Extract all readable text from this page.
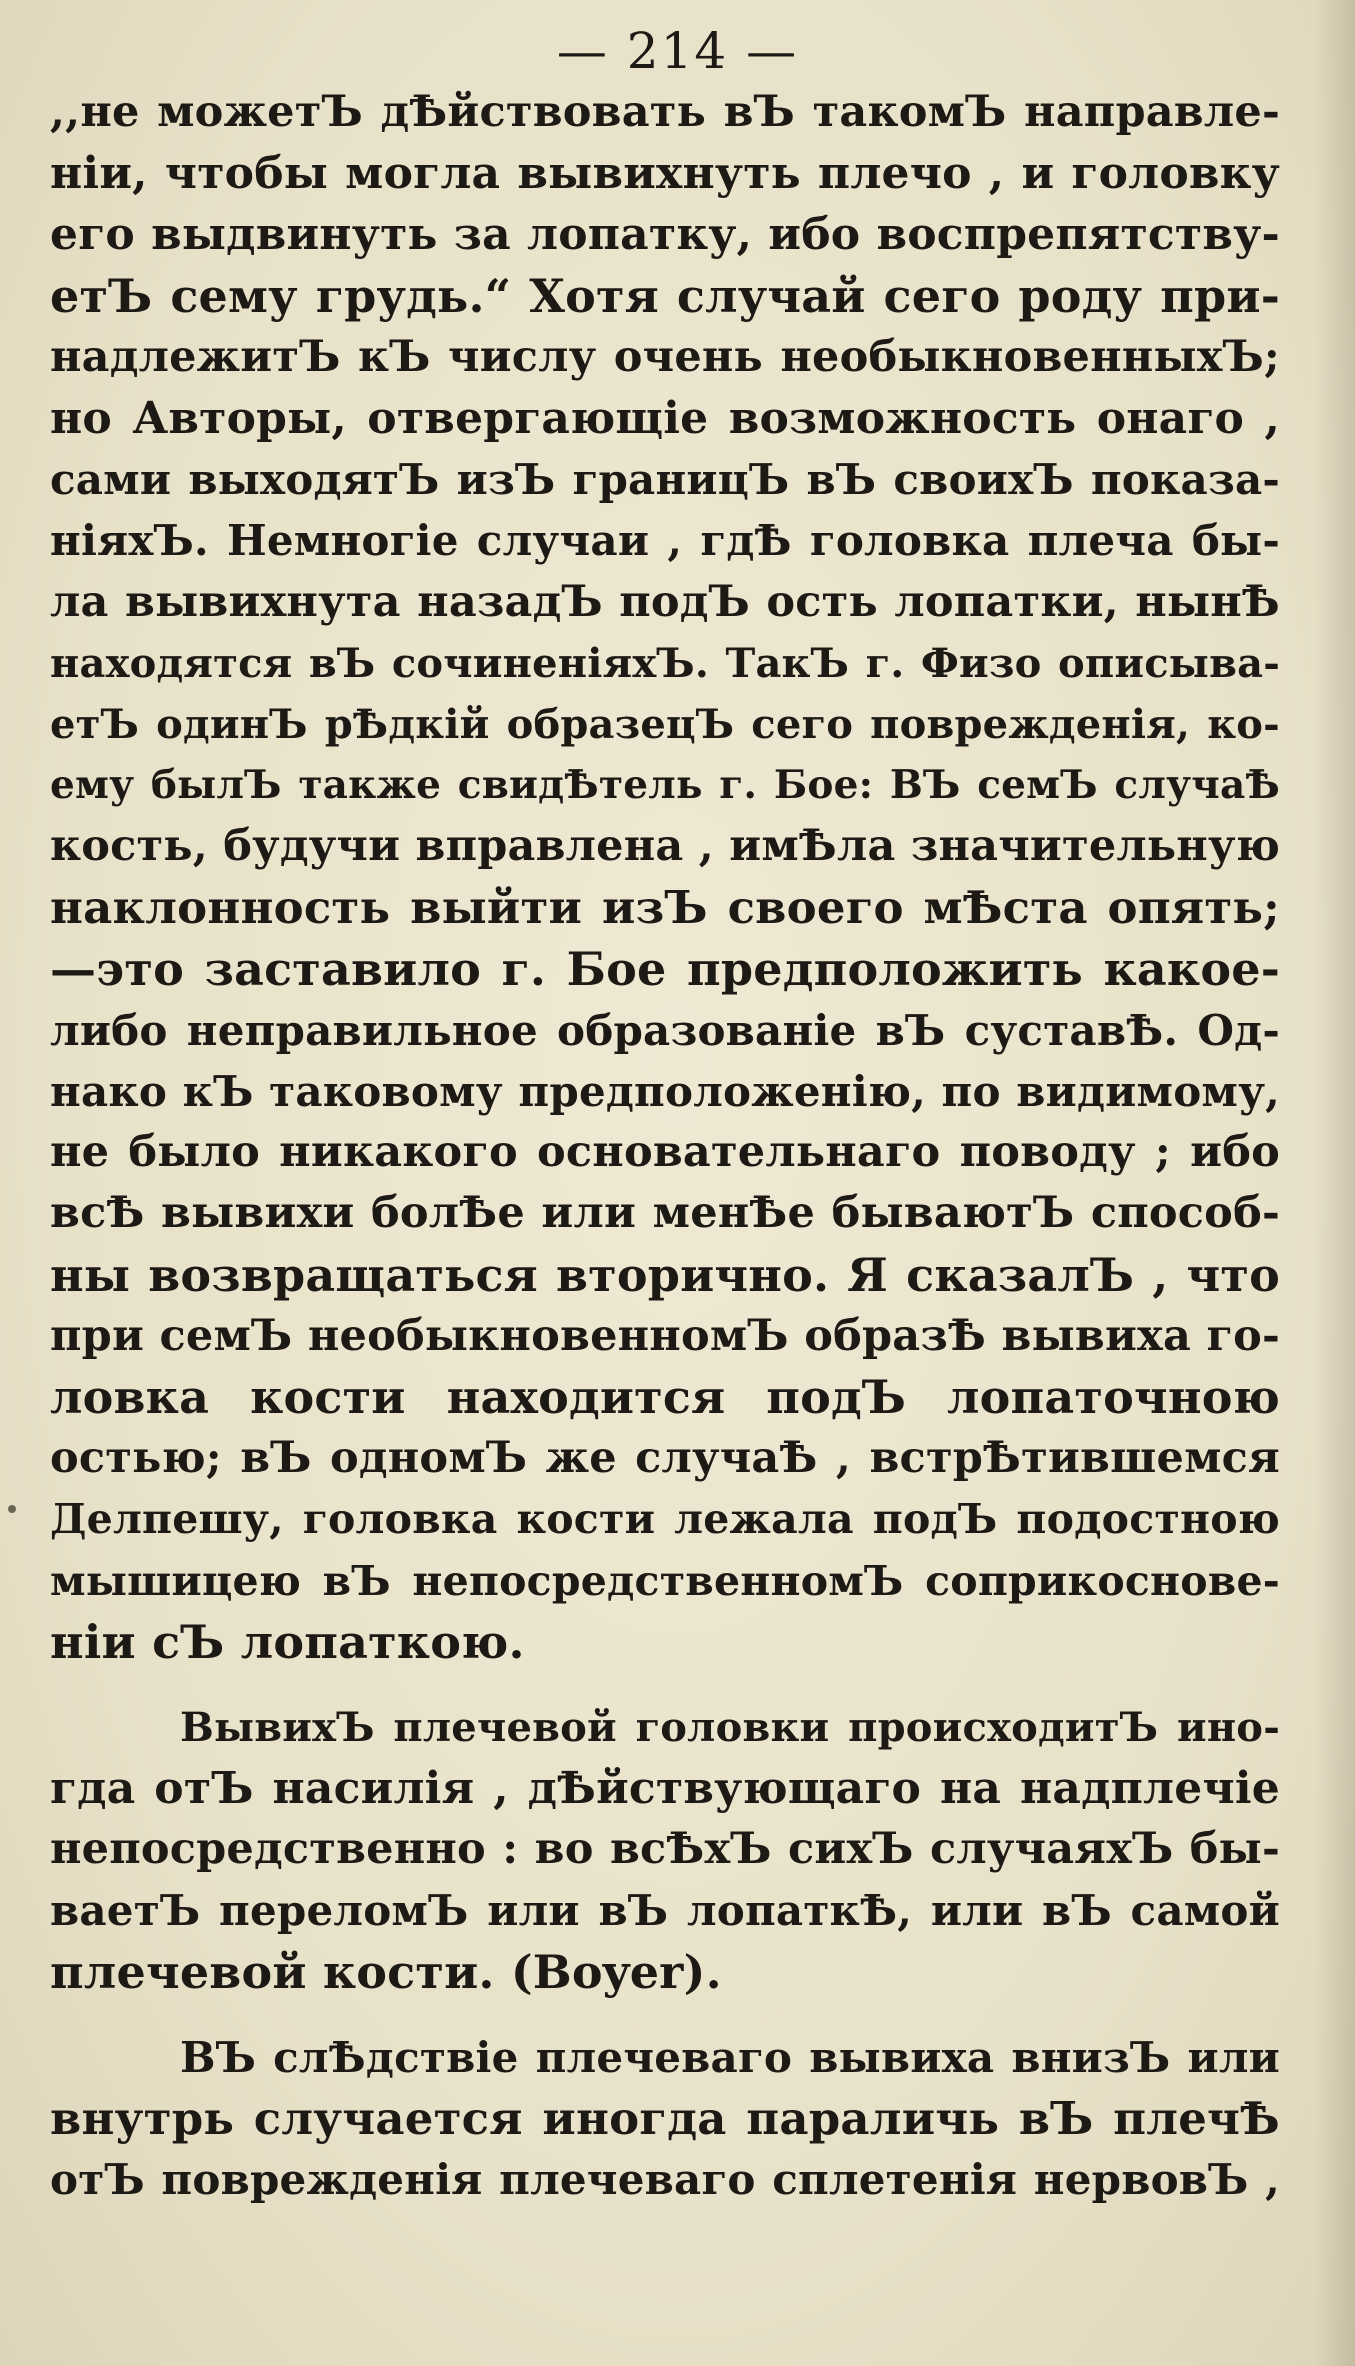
— 214 —
,,не можетЪ дѢйствовать вЪ такомЪ направле-
ніи, чтобы могла вывихнуть плечо , и головку
его выдвинуть за лопатку, ибо воспрепятству-
етЪ сему грудь.“ Хотя случай сего роду при-
надлежитЪ кЪ числу очень необыкновенныхЪ;
но Авторы, отвергающіе возможность онаго ,
сами выходятЪ изЪ границЪ вЪ своихЪ показа-
ніяхЪ. Немногіе случаи , гдѢ головка плеча бы-
ла вывихнута назадЪ подЪ ость лопатки, нынѢ
находятся вЪ сочиненіяхЪ. ТакЪ г. Физо описыва-
етЪ одинЪ рѢдкій образецЪ сего поврежденія, ко-
ему былЪ также свидѢтель г. Бое: ВЪ семЪ случаѢ
кость, будучи вправлена , имѢла значительную
наклонность выйти изЪ своего мѢста опять;
—это заставило г. Бое предположить какое-
либо неправильное образованіе вЪ суставѢ. Од-
нако кЪ таковому предположенію, по видимому,
не было никакого основательнаго поводу ; ибо
всѢ вывихи болѢе или менѢе бываютЪ способ-
ны возвращаться вторично. Я сказалЪ , что
при семЪ необыкновенномЪ образѢ вывиха го-
ловка кости находится подЪ лопаточною
остью; вЪ одномЪ же случаѢ , встрѢтившемся
Делпешу, головка кости лежала подЪ подостною
мышицею вЪ непосредственномЪ соприкоснове-
ніи сЪ лопаткою.
ВывихЪ плечевой головки происходитЪ ино-
гда отЪ насилія , дѢйствующаго на надплечіе
непосредственно : во всѢхЪ сихЪ случаяхЪ бы-
ваетЪ переломЪ или вЪ лопаткѢ, или вЪ самой
плечевой кости. (Boyer).
ВЪ слѢдствіе плечеваго вывиха внизЪ или
внутрь случается иногда параличь вЪ плечѢ
отЪ поврежденія плечеваго сплетенія нервовЪ ,
